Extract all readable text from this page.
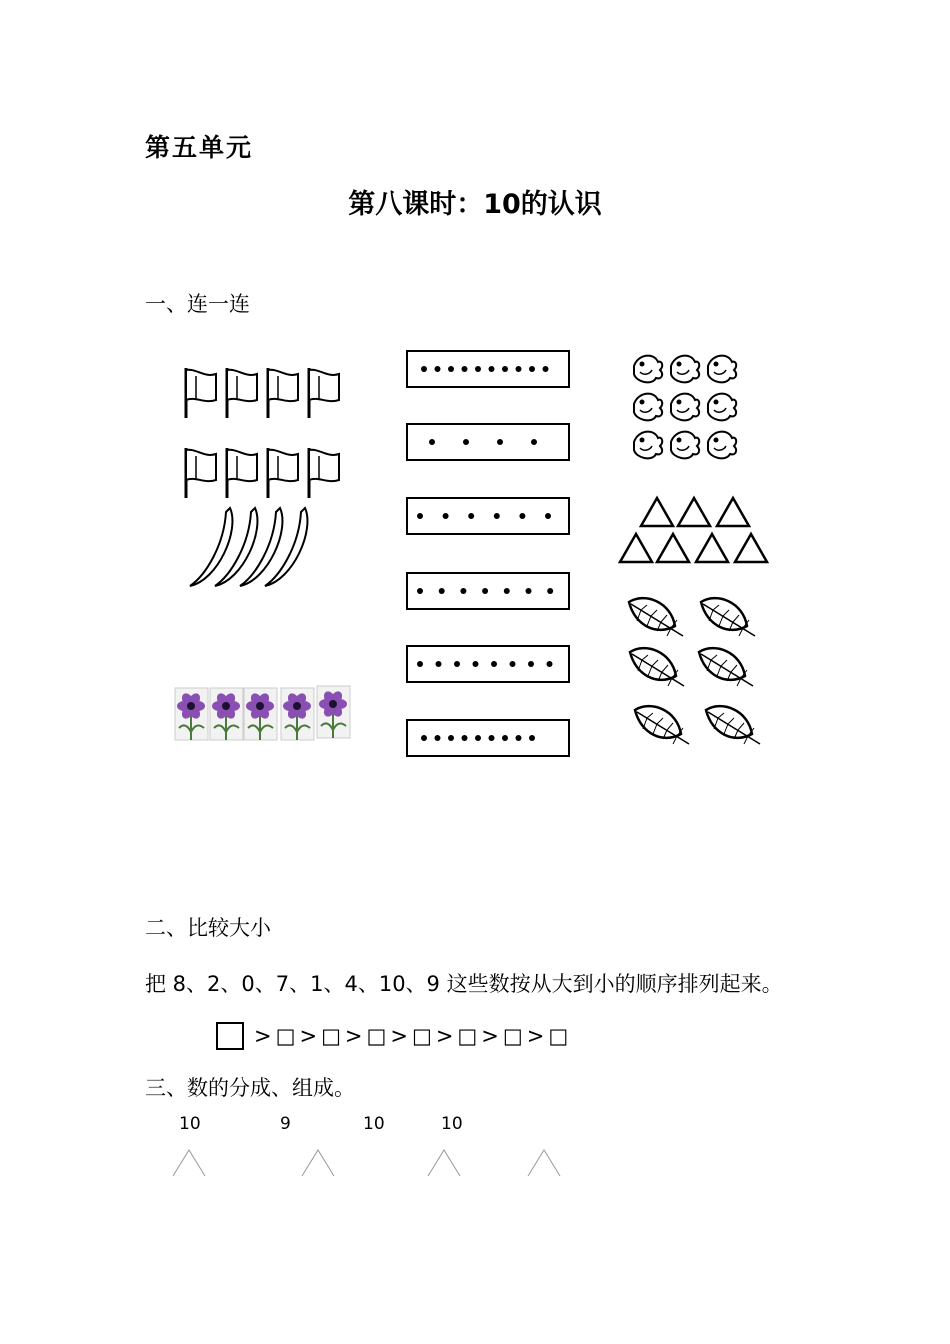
第五单元
第八课时：10的认识
一、连一连
二、比较大小
把 8、2、0、7、1、4、10、9 这些数按从大到小的顺序排列起来。
> □ > □ > □ > □ > □ > □ > □
三、数的分成、组成。
10	9	10	10
